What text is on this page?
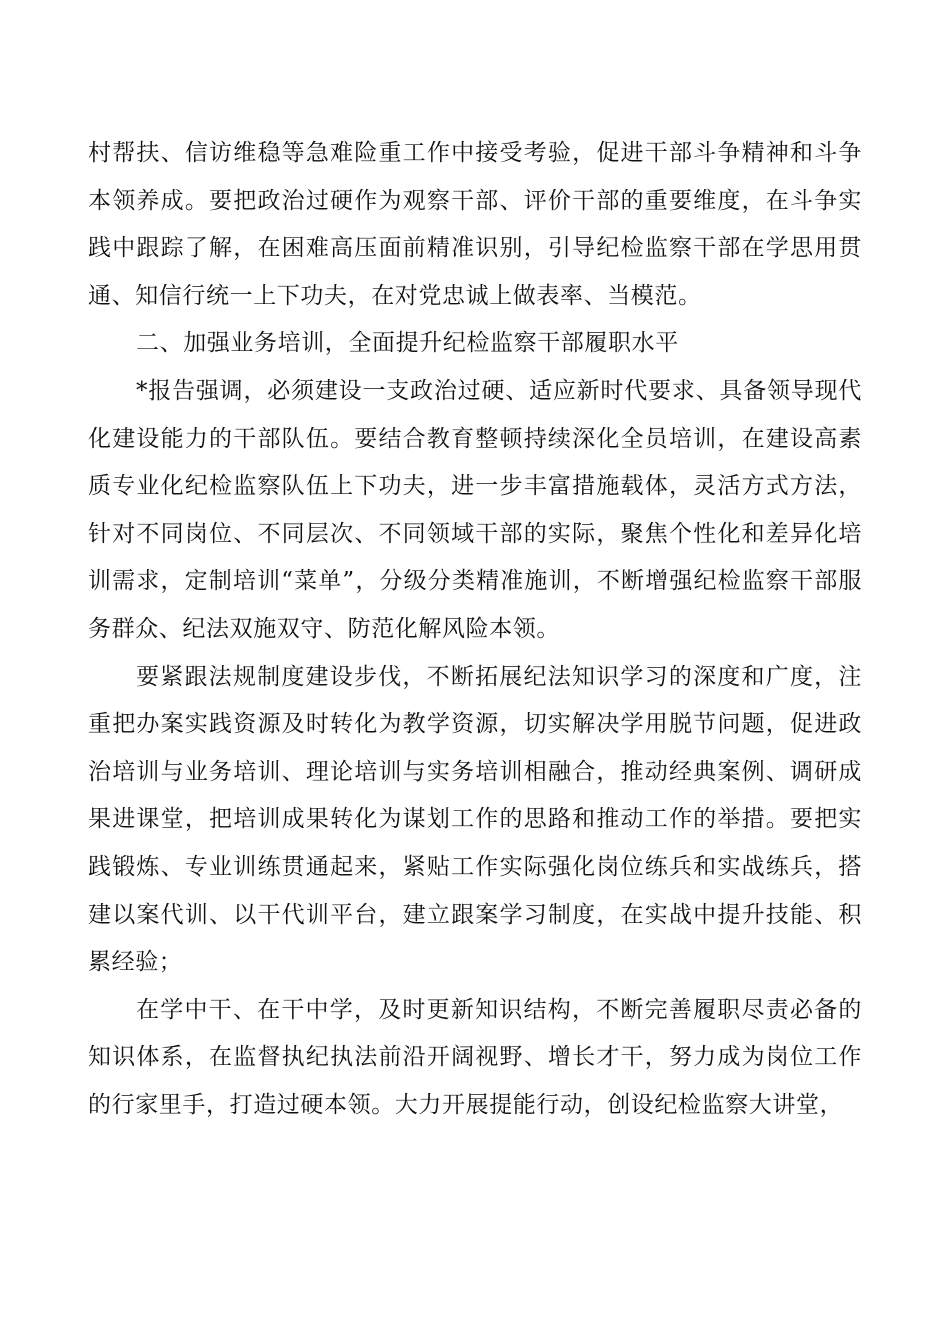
村帮扶、信访维稳等急难险重工作中接受考验，促进干部斗争精神和斗争本领养成。要把政治过硬作为观察干部、评价干部的重要维度，在斗争实践中跟踪了解，在困难高压面前精准识别，引导纪检监察干部在学思用贯通、知信行统一上下功夫，在对党忠诚上做表率、当模范。

二、加强业务培训，全面提升纪检监察干部履职水平

*报告强调，必须建设一支政治过硬、适应新时代要求、具备领导现代化建设能力的干部队伍。要结合教育整顿持续深化全员培训，在建设高素质专业化纪检监察队伍上下功夫，进一步丰富措施载体，灵活方式方法，针对不同岗位、不同层次、不同领域干部的实际，聚焦个性化和差异化培训需求，定制培训“菜单”，分级分类精准施训，不断增强纪检监察干部服务群众、纪法双施双守、防范化解风险本领。

要紧跟法规制度建设步伐，不断拓展纪法知识学习的深度和广度，注重把办案实践资源及时转化为教学资源，切实解决学用脱节问题，促进政治培训与业务培训、理论培训与实务培训相融合，推动经典案例、调研成果进课堂，把培训成果转化为谋划工作的思路和推动工作的举措。要把实践锻炼、专业训练贯通起来，紧贴工作实际强化岗位练兵和实战练兵，搭建以案代训、以干代训平台，建立跟案学习制度，在实战中提升技能、积累经验；

在学中干、在干中学，及时更新知识结构，不断完善履职尽责必备的知识体系，在监督执纪执法前沿开阔视野、增长才干，努力成为岗位工作的行家里手，打造过硬本领。大力开展提能行动，创设纪检监察大讲堂，
